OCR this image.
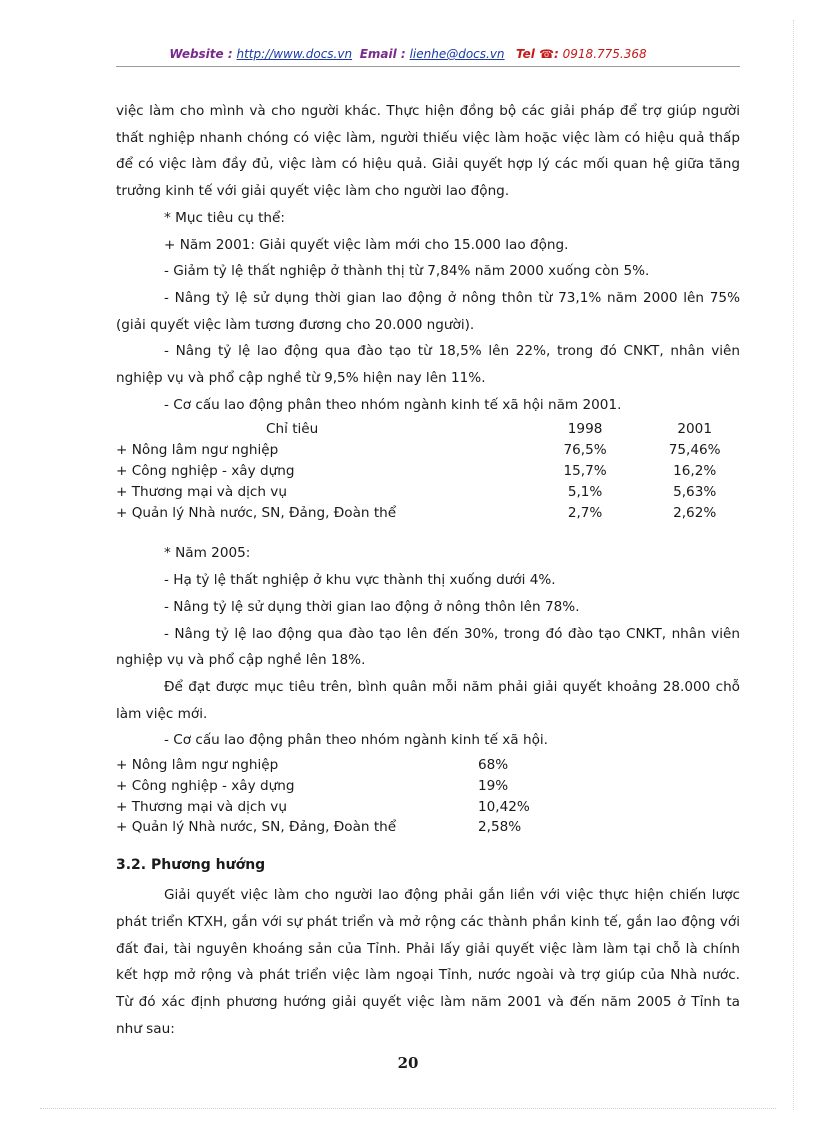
Website : http://www.docs.vn Email : lienhe@docs.vn Tel ☎: 0918.775.368

việc làm cho mình và cho người khác. Thực hiện đồng bộ các giải pháp để trợ giúp người thất nghiệp nhanh chóng có việc làm, người thiếu việc làm hoặc việc làm có hiệu quả thấp để có việc làm đầy đủ, việc làm có hiệu quả. Giải quyết hợp lý các mối quan hệ giữa tăng trưởng kinh tế với giải quyết việc làm cho người lao động.

* Mục tiêu cụ thể:

+ Năm 2001: Giải quyết việc làm mới cho 15.000 lao động.

- Giảm tỷ lệ thất nghiệp ở thành thị từ 7,84% năm 2000 xuống còn 5%.

- Nâng tỷ lệ sử dụng thời gian lao động ở nông thôn từ 73,1% năm 2000 lên 75% (giải quyết việc làm tương đương cho 20.000 người).

- Nâng tỷ lệ lao động qua đào tạo từ 18,5% lên 22%, trong đó CNKT, nhân viên nghiệp vụ và phổ cập nghề từ 9,5% hiện nay lên 11%.

- Cơ cấu lao động phân theo nhóm ngành kinh tế xã hội năm 2001.

Chỉ tiêu	1998	2001
+ Nông lâm ngư nghiệp	76,5%	75,46%
+ Công nghiệp - xây dựng	15,7%	16,2%
+ Thương mại và dịch vụ	5,1%	5,63%
+ Quản lý Nhà nước, SN, Đảng, Đoàn thể	2,7%	2,62%

* Năm 2005:

- Hạ tỷ lệ thất nghiệp ở khu vực thành thị xuống dưới 4%.

- Nâng tỷ lệ sử dụng thời gian lao động ở nông thôn lên 78%.

- Nâng tỷ lệ lao động qua đào tạo lên đến 30%, trong đó đào tạo CNKT, nhân viên nghiệp vụ và phổ cập nghề lên 18%.

Để đạt được mục tiêu trên, bình quân mỗi năm phải giải quyết khoảng 28.000 chỗ làm việc mới.

- Cơ cấu lao động phân theo nhóm ngành kinh tế xã hội.

+ Nông lâm ngư nghiệp	68%
+ Công nghiệp - xây dựng	19%
+ Thương mại và dịch vụ	10,42%
+ Quản lý Nhà nước, SN, Đảng, Đoàn thể	2,58%
3.2. Phương hướng

Giải quyết việc làm cho người lao động phải gắn liền với việc thực hiện chiến lược phát triển KTXH, gắn với sự phát triển và mở rộng các thành phần kinh tế, gắn lao động với đất đai, tài nguyên khoáng sản của Tỉnh. Phải lấy giải quyết việc làm làm tại chỗ là chính kết hợp mở rộng và phát triển việc làm ngoại Tỉnh, nước ngoài và trợ giúp của Nhà nước. Từ đó xác định phương hướng giải quyết việc làm năm 2001 và đến năm 2005 ở Tỉnh ta như sau:

20
